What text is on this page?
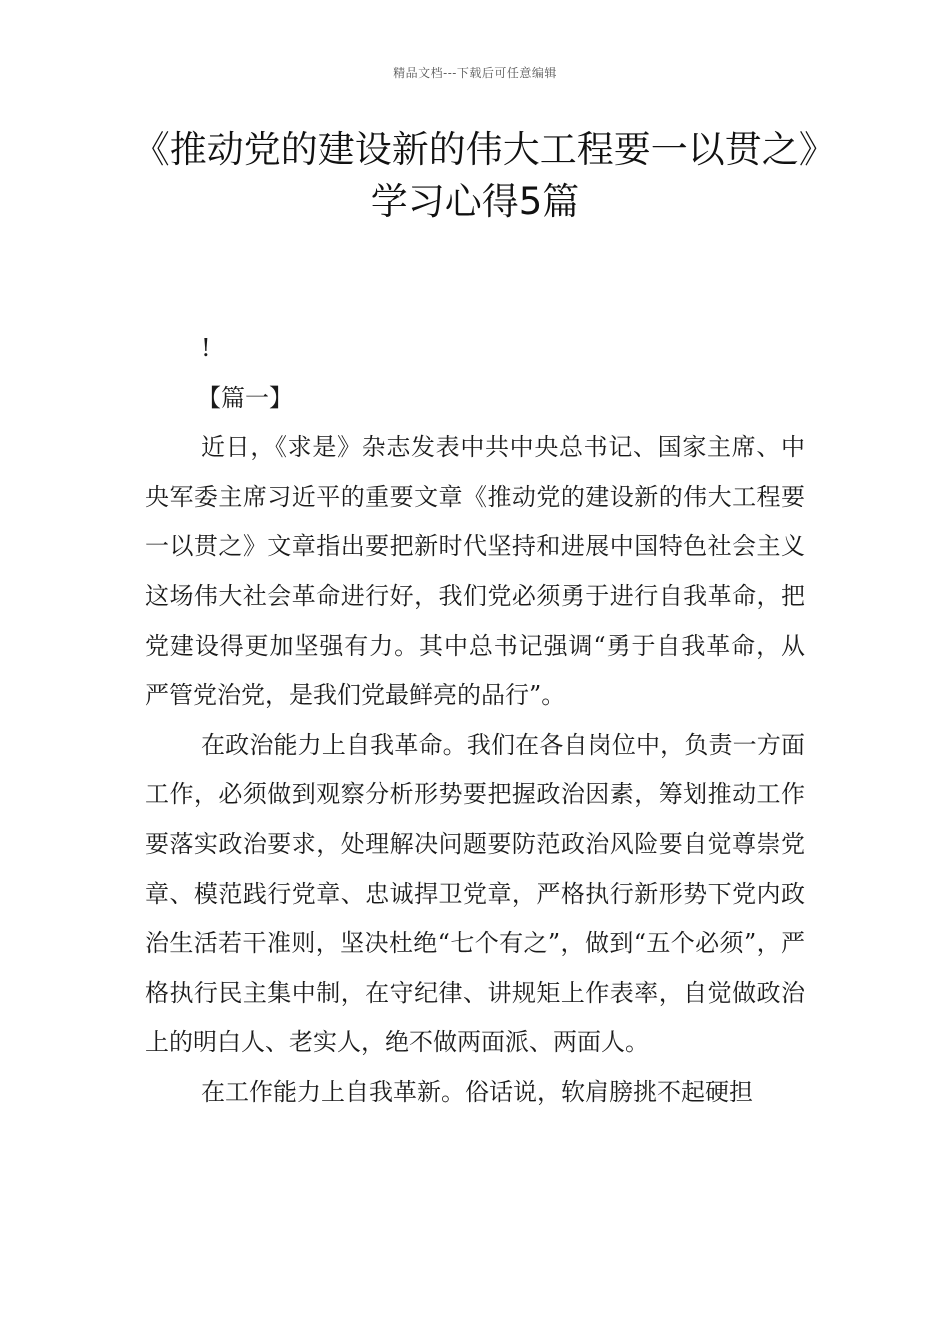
精品文档---下载后可任意编辑
《推动党的建设新的伟大工程要一以贯之》学习心得5篇

!

【篇一】

近日，《求是》杂志发表中共中央总书记、国家主席、中央军委主席习近平的重要文章《推动党的建设新的伟大工程要一以贯之》文章指出要把新时代坚持和进展中国特色社会主义这场伟大社会革命进行好，我们党必须勇于进行自我革命，把党建设得更加坚强有力。其中总书记强调“勇于自我革命，从严管党治党，是我们党最鲜亮的品行”。

在政治能力上自我革命。我们在各自岗位中，负责一方面工作，必须做到观察分析形势要把握政治因素，筹划推动工作要落实政治要求，处理解决问题要防范政治风险要自觉尊崇党章、模范践行党章、忠诚捍卫党章，严格执行新形势下党内政治生活若干准则，坚决杜绝“七个有之”，做到“五个必须”，严格执行民主集中制，在守纪律、讲规矩上作表率，自觉做政治上的明白人、老实人，绝不做两面派、两面人。

在工作能力上自我革新。俗话说，软肩膀挑不起硬担
